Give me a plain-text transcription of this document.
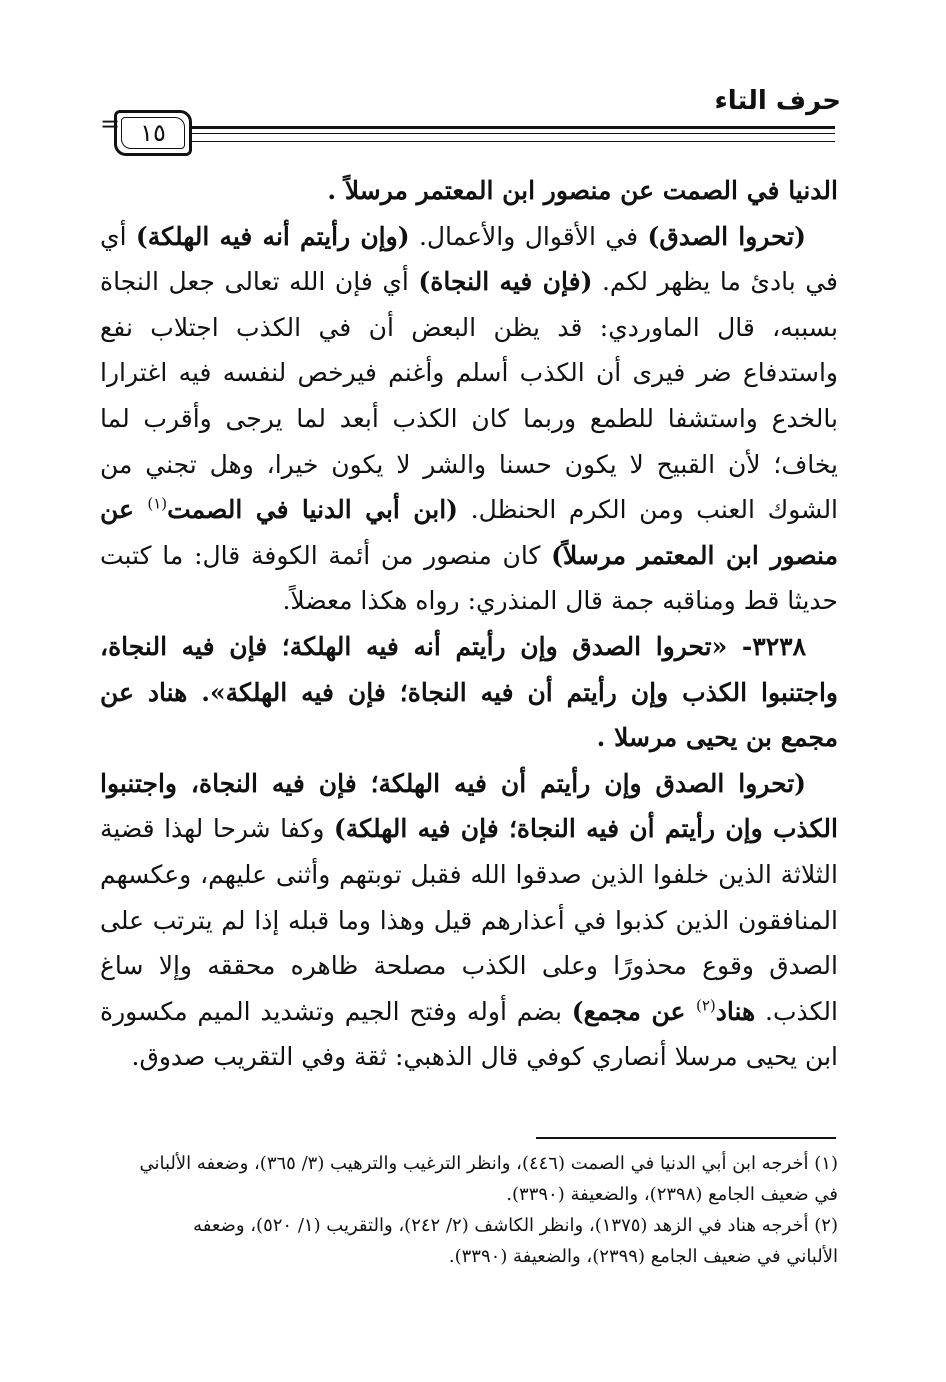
حرف التاء
= ١٥

الدنيا في الصمت عن منصور ابن المعتمر مرسلاً .

(تحروا الصدق) في الأقوال والأعمال. (وإن رأيتم أنه فيه الهلكة) أي في بادئ ما يظهر لكم. (فإن فيه النجاة) أي فإن الله تعالى جعل النجاة بسببه، قال الماوردي: قد يظن البعض أن في الكذب اجتلاب نفع واستدفاع ضر فيرى أن الكذب أسلم وأغنم فيرخص لنفسه فيه اغترارا بالخدع واستشفا للطمع وربما كان الكذب أبعد لما يرجى وأقرب لما يخاف؛ لأن القبيح لا يكون حسنا والشر لا يكون خيرا، وهل تجني من الشوك العنب ومن الكرم الحنظل. (ابن أبي الدنيا في الصمت$^{(١)}$ عن منصور ابن المعتمر مرسلاً) كان منصور من أئمة الكوفة قال: ما كتبت حديثا قط ومناقبه جمة قال المنذري: رواه هكذا معضلاً.

٣٢٣٨- «تحروا الصدق وإن رأيتم أنه فيه الهلكة؛ فإن فيه النجاة، واجتنبوا الكذب وإن رأيتم أن فيه النجاة؛ فإن فيه الهلكة». هناد عن مجمع بن يحيى مرسلا .

(تحروا الصدق وإن رأيتم أن فيه الهلكة؛ فإن فيه النجاة، واجتنبوا الكذب وإن رأيتم أن فيه النجاة؛ فإن فيه الهلكة) وكفا شرحا لهذا قضية الثلاثة الذين خلفوا الذين صدقوا الله فقبل توبتهم وأثنى عليهم، وعكسهم المنافقون الذين كذبوا في أعذارهم قيل وهذا وما قبله إذا لم يترتب على الصدق وقوع محذورًا وعلى الكذب مصلحة ظاهره محققه وإلا ساغ الكذب. هناد$^{(٢)}$ عن مجمع) بضم أوله وفتح الجيم وتشديد الميم مكسورة ابن يحيى مرسلا أنصاري كوفي قال الذهبي: ثقة وفي التقريب صدوق.

(١) أخرجه ابن أبي الدنيا في الصمت (٤٤٦)، وانظر الترغيب والترهيب (٣/ ٣٦٥)، وضعفه الألباني

في ضعيف الجامع (٢٣٩٨)، والضعيفة (٣٣٩٠).

(٢) أخرجه هناد في الزهد (١٣٧٥)، وانظر الكاشف (٢/ ٢٤٢)، والتقريب (١/ ٥٢٠)، وضعفه

الألباني في ضعيف الجامع (٢٣٩٩)، والضعيفة (٣٣٩٠).
